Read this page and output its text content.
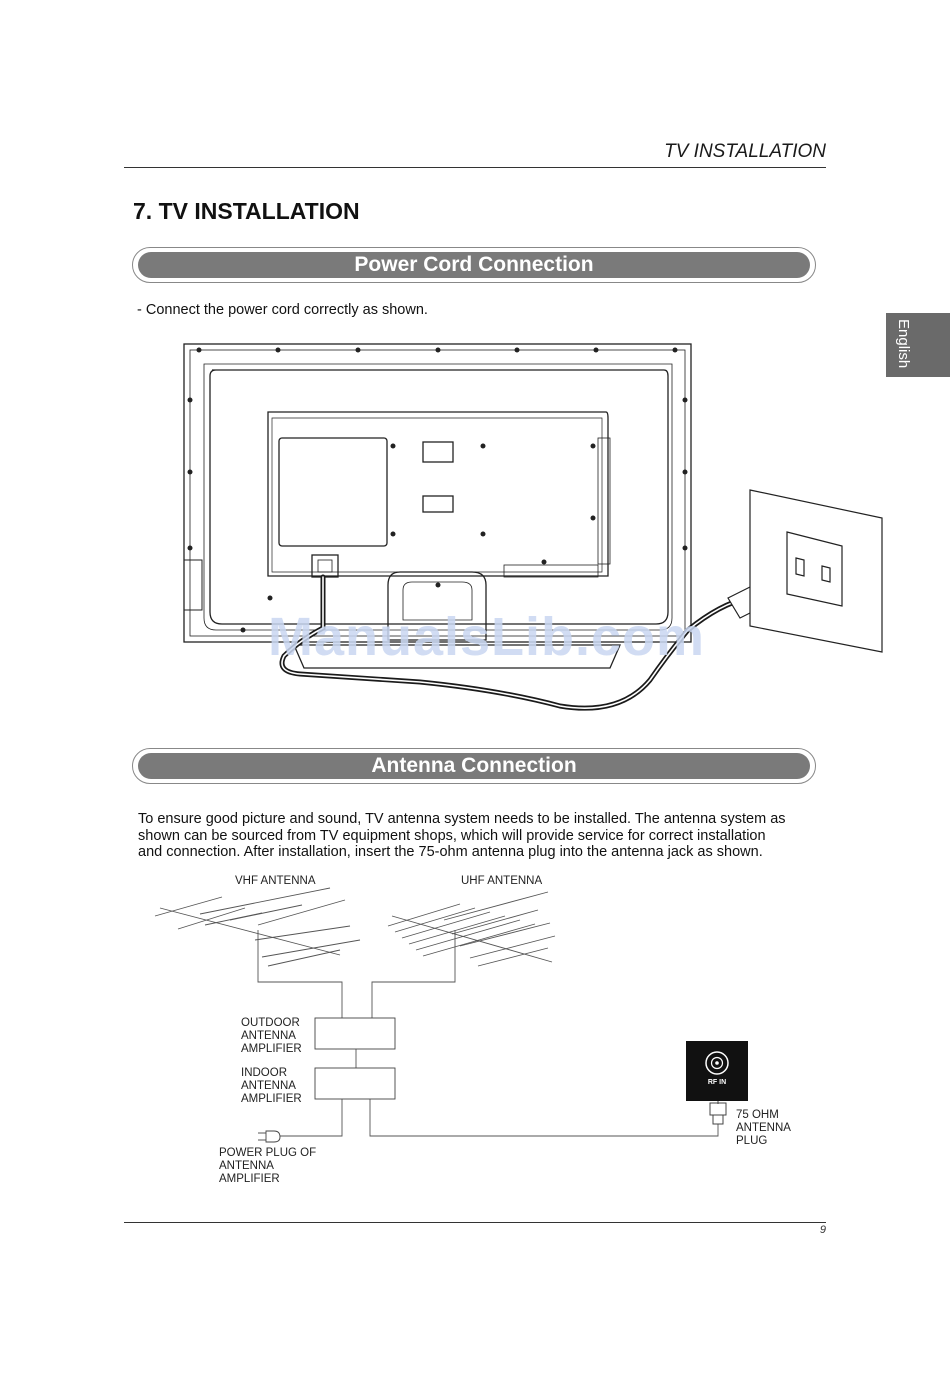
TV INSTALLATION
7. TV INSTALLATION
English
Power Cord Connection
- Connect the power cord correctly as shown.
ManualsLib.com
Antenna Connection
To ensure good picture and sound, TV antenna system needs to be installed. The antenna system as
shown can be sourced from TV equipment shops, which will provide service for correct installation
and connection. After installation, insert the 75-ohm antenna plug into the antenna jack as shown.
VHF ANTENNA	UHF ANTENNA
OUTDOOR
ANTENNA
AMPLIFIER
INDOOR
ANTENNA
AMPLIFIER
POWER PLUG OF
ANTENNA
AMPLIFIER
RF IN
75 OHM
ANTENNA
PLUG
9
